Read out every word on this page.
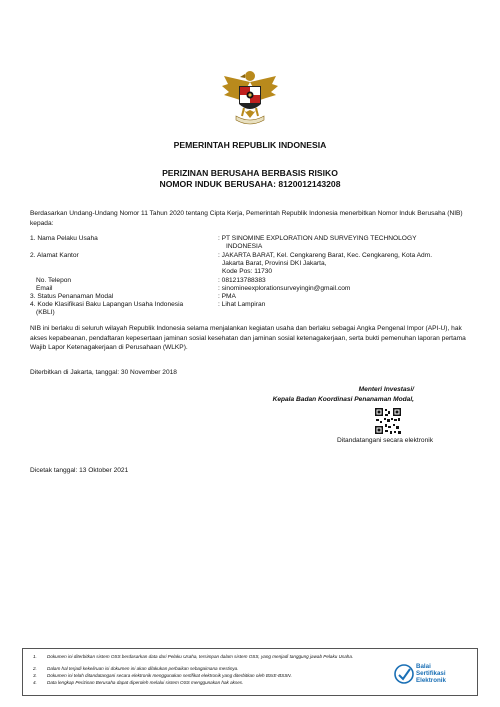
PEMERINTAH REPUBLIK INDONESIA
PERIZINAN BERUSAHA BERBASIS RISIKO
NOMOR INDUK BERUSAHA: 8120012143208
Berdasarkan Undang-Undang Nomor 11 Tahun 2020 tentang Cipta Kerja, Pemerintah Republik Indonesia menerbitkan Nomor Induk Berusaha (NIB) kepada:
1. Nama Pelaku Usaha	: PT SINOMINE EXPLORATION AND SURVEYING TECHNOLOGY
INDONESIA
2. Alamat Kantor	: JAKARTA BARAT, Kel. Cengkareng Barat, Kec. Cengkareng, Kota Adm.
Jakarta Barat, Provinsi DKI Jakarta,
Kode Pos: 11730
No. Telepon	: 081213788383
Email	: sinomineexplorationsurveyingin@gmail.com
3. Status Penanaman Modal	: PMA
4. Kode Klasifikasi Baku Lapangan Usaha Indonesia
(KBLI)
: Lihat Lampiran
NIB ini berlaku di seluruh wilayah Republik Indonesia selama menjalankan kegiatan usaha dan berlaku sebagai Angka Pengenal Impor (API-U), hak akses kepabeanan, pendaftaran kepesertaan jaminan sosial kesehatan dan jaminan sosial ketenagakerjaan, serta bukti pemenuhan laporan pertama Wajib Lapor Ketenagakerjaan di Perusahaan (WLKP).
Diterbitkan di Jakarta, tanggal: 30 November 2018
Menteri Investasi/
Kepala Badan Koordinasi Penanaman Modal,
Ditandatangani secara elektronik
Dicetak tanggal: 13 Oktober 2021
1. Dokumen ini diterbitkan sistem OSS berdasarkan data dari Pelaku Usaha, tersimpan dalam sistem OSS, yang menjadi tanggung jawab Pelaku Usaha.
2. Dalam hal terjadi kekeliruan isi dokumen ini akan dilakukan perbaikan sebagaimana mestinya.
3. Dokumen ini telah ditandatangani secara elektronik menggunakan sertifikat elektronik yang diterbitkan oleh BSrE-BSSN.
4. Data lengkap Perizinan Berusaha dapat diperoleh melalui sistem OSS menggunakan hak akses.
Balai
Sertifikasi
Elektronik
